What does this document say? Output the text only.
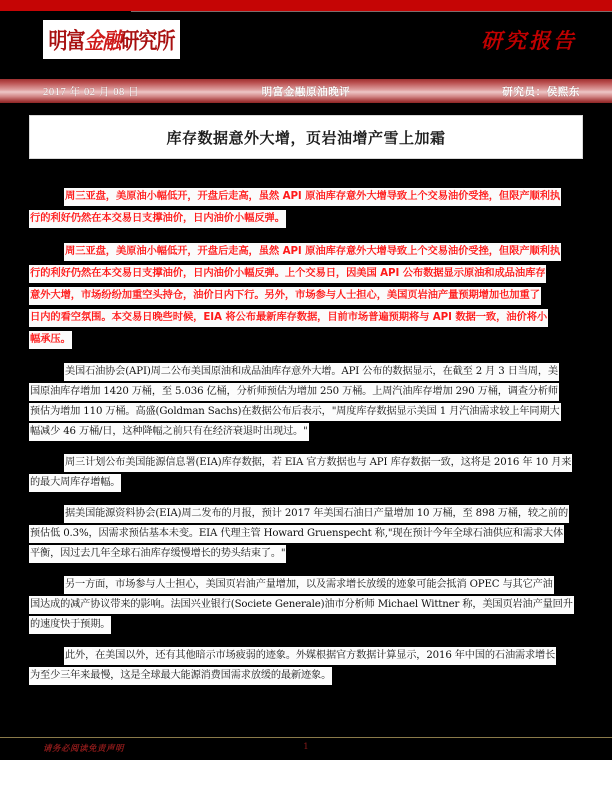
明富金融研究所	研究报告
2017 年 02 月 08 日	明富金融原油晚评	研究员：侯熙东
库存数据意外大增，页岩油增产雪上加霜
周三亚盘，美原油小幅低开，开盘后走高，虽然 API 原油库存意外大增导致上个交易油价受挫，但限产顺利执
行的利好仍然在本交易日支撑油价，日内油价小幅反弹。
周三亚盘，美原油小幅低开，开盘后走高，虽然 API 原油库存意外大增导致上个交易油价受挫，但限产顺利执
行的利好仍然在本交易日支撑油价，日内油价小幅反弹。上个交易日，因美国 API 公布数据显示原油和成品油库存
意外大增，市场纷纷加重空头持仓，油价日内下行。另外，市场参与人士担心，美国页岩油产量预期增加也加重了
日内的看空氛围。本交易日晚些时候，EIA 将公布最新库存数据，目前市场普遍预期将与 API 数据一致，油价将小
幅承压。
美国石油协会(API)周二公布美国原油和成品油库存意外大增。API 公布的数据显示，在截至 2 月 3 日当周，美
国原油库存增加 1420 万桶，至 5.036 亿桶，分析师预估为增加 250 万桶。上周汽油库存增加 290 万桶，调查分析师
预估为增加 110 万桶。高盛(Goldman Sachs)在数据公布后表示，"周度库存数据显示美国 1 月汽油需求较上年同期大
幅减少 46 万桶/日，这种降幅之前只有在经济衰退时出现过。"
周三计划公布美国能源信息署(EIA)库存数据，若 EIA 官方数据也与 API 库存数据一致，这将是 2016 年 10 月来
的最大周库存增幅。
据美国能源资料协会(EIA)周二发布的月报，预计 2017 年美国石油日产量增加 10 万桶，至 898 万桶，较之前的
预估低 0.3%，因需求预估基本未变。EIA 代理主管 Howard Gruenspecht 称,"现在预计今年全球石油供应和需求大体
平衡，因过去几年全球石油库存缓慢增长的势头结束了。"
另一方面，市场参与人士担心，美国页岩油产量增加，以及需求增长放缓的迹象可能会抵消 OPEC 与其它产油
国达成的减产协议带来的影响。法国兴业银行(Societe Generale)油市分析师 Michael Wittner 称，美国页岩油产量回升
的速度快于预期。
此外，在美国以外，还有其他暗示市场疲弱的迹象。外媒根据官方数据计算显示，2016 年中国的石油需求增长
为至少三年来最慢，这是全球最大能源消费国需求放缓的最新迹象。
请务必阅读免责声明	1
